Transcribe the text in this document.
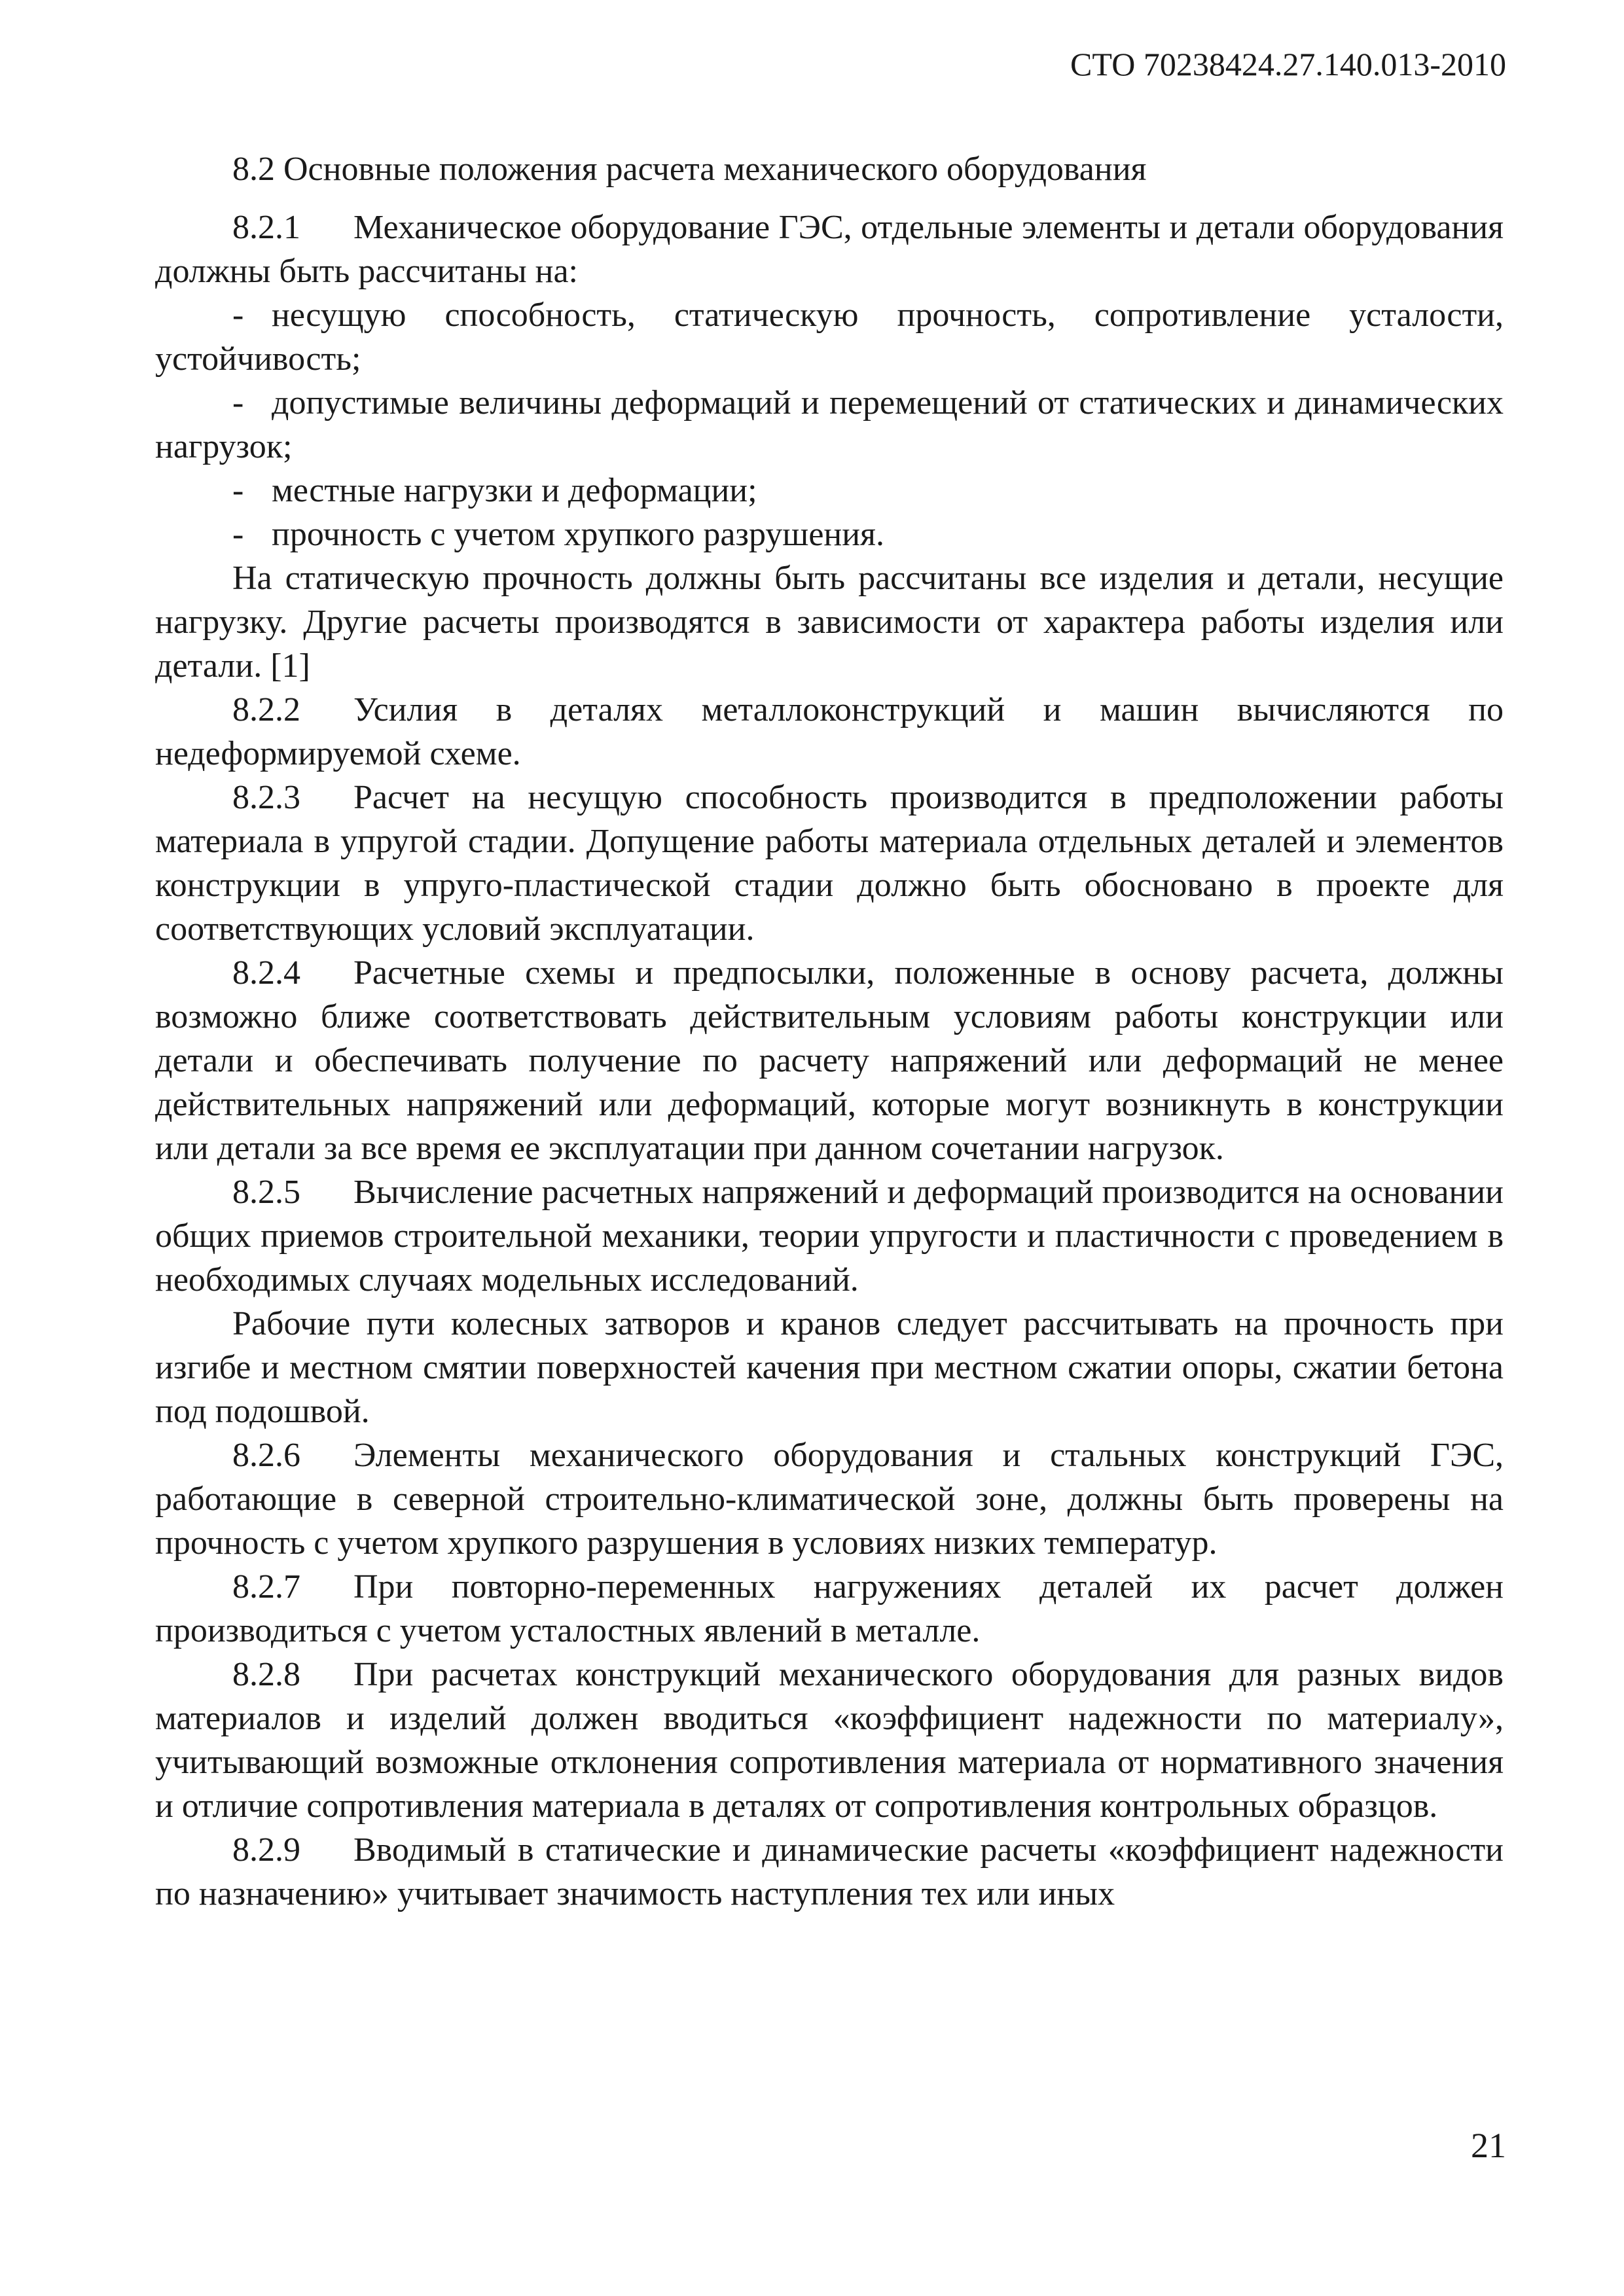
СТО 70238424.27.140.013-2010

8.2 Основные положения расчета механического оборудования

8.2.1 Механическое оборудование ГЭС, отдельные элементы и детали оборудования должны быть рассчитаны на:

- несущую способность, статическую прочность, сопротивление усталости, устойчивость;

- допустимые величины деформаций и перемещений от статических и динамических нагрузок;

- местные нагрузки и деформации;

- прочность с учетом хрупкого разрушения.

На статическую прочность должны быть рассчитаны все изделия и детали, несущие нагрузку. Другие расчеты производятся в зависимости от характера работы изделия или детали. [1]

8.2.2 Усилия в деталях металлоконструкций и машин вычисляются по недеформируемой схеме.

8.2.3 Расчет на несущую способность производится в предположении работы материала в упругой стадии. Допущение работы материала отдельных деталей и элементов конструкции в упруго-пластической стадии должно быть обосновано в проекте для соответствующих условий эксплуатации.

8.2.4 Расчетные схемы и предпосылки, положенные в основу расчета, должны возможно ближе соответствовать действительным условиям работы конструкции или детали и обеспечивать получение по расчету напряжений или деформаций не менее действительных напряжений или деформаций, которые могут возникнуть в конструкции или детали за все время ее эксплуатации при данном сочетании нагрузок.

8.2.5 Вычисление расчетных напряжений и деформаций производится на основании общих приемов строительной механики, теории упругости и пластичности с проведением в необходимых случаях модельных исследований.

Рабочие пути колесных затворов и кранов следует рассчитывать на прочность при изгибе и местном смятии поверхностей качения при местном сжатии опоры, сжатии бетона под подошвой.

8.2.6 Элементы механического оборудования и стальных конструкций ГЭС, работающие в северной строительно-климатической зоне, должны быть проверены на прочность с учетом хрупкого разрушения в условиях низких температур.

8.2.7 При повторно-переменных нагружениях деталей их расчет должен производиться с учетом усталостных явлений в металле.

8.2.8 При расчетах конструкций механического оборудования для разных видов материалов и изделий должен вводиться «коэффициент надежности по материалу», учитывающий возможные отклонения сопротивления материала от нормативного значения и отличие сопротивления материала в деталях от сопротивления контрольных образцов.

8.2.9 Вводимый в статические и динамические расчеты «коэффициент надежности по назначению» учитывает значимость наступления тех или иных

21
